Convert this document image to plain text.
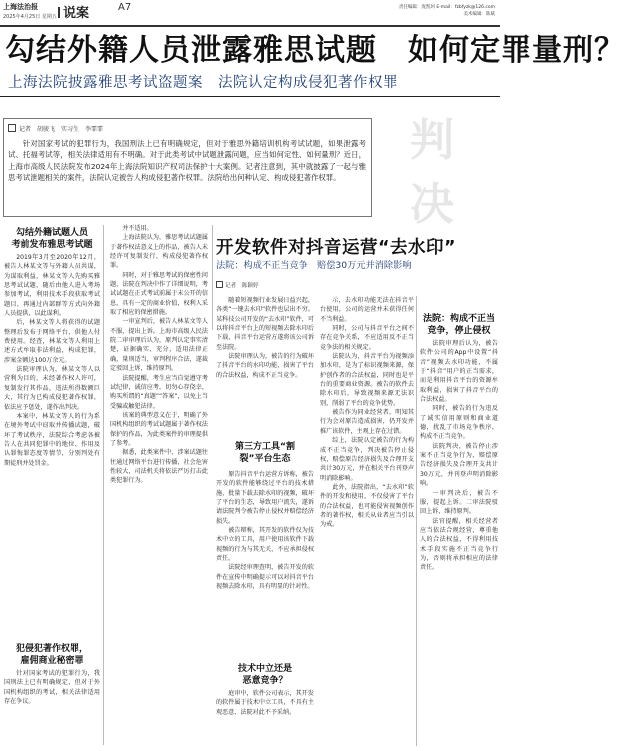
上海法治报
2025年4月25日 星期五 说案	A7	责任编辑：庞凯珂 E-mail：fzbfyzk@126.com
美术编辑：陈斌
勾结外籍人员泄露雅思试题　如何定罪量刑？
上海法院披露雅思考试盗题案　法院认定构成侵犯著作权罪
判决
记者　胡骏飞　实习生　李霏霏
针对国家考试的犯罪行为，我国刑法上已有明确规定，但对于雅思外籍培训机构考试试题，如果泄露考试、托福考试等，相关法律适用有不明确。对于此类考试中试题泄露问题，应当如何定性、如何量刑？近日，上海市高级人民法院发布2024年上海法院知识产权司法保护十大案例。记者注意到，其中就披露了一起与雅思考试泄题相关的案件，法院认定被告人构成侵犯著作权罪。法院给出何种认定、构成侵犯著作权罪。
勾结外籍试题人员
考前发布雅思考试题

2019年3月至2020年12月，被告人林某文等与外籍人员共谋，为谋取利益，林某文等人先购买雅思考试试题，随后由他人进入考场参加考试，利用技术手段获取考试题目，再通过内部群等方式向外籍人员提供，以此谋利。

后，林某文等人将获得的试题整理后发布于网络平台，供他人付费使用。经查，林某文等人利用上述方式牟取非法利益，构成犯罪，涉案金额达100万余元。

法院审理认为，林某文等人以营利为目的，未经著作权人许可，复制发行其作品，违法所得数额巨大，其行为已构成侵犯著作权罪，依法应予惩处，遂作出判决。

本案中，林某文等人的行为系在境外考试中窃取并传播试题，破坏了考试秩序，法院综合考虑各被告人在共同犯罪中的地位、作用及认罪悔罪态度等情节，分别判处有期徒刑并处罚金。

犯侵犯著作权罪，
雇佣商业秘密罪

针对国家考试的犯罪行为，我国刑法上已有明确规定，但对于外国机构组织的考试，相关法律适用存在争议。

并不适用。

上海法院认为，雅思考试试题属于著作权法意义上的作品，被告人未经许可复制发行，构成侵犯著作权罪。

同时，对于雅思考试的保密性问题，法院在判决中作了详细说明，考试试题在正式考试前属于未公开的信息，具有一定的商业价值，权利人采取了相应的保密措施。

一审宣判后，被告人林某文等人不服，提出上诉。上海市高级人民法院二审审理后认为，原判认定事实清楚，证据确实、充分，适用法律正确，量刑适当，审判程序合法，遂裁定驳回上诉，维持原判。

法院提醒，考生应当自觉遵守考试纪律，诚信应考，切勿心存侥幸，购买所谓的“真题”“答案”，以免上当受骗或触犯法律。

该案的典型意义在于，明确了外国机构组织的考试试题属于著作权法保护的作品，为此类案件的审理提供了参考。

据悉，此类案件中，涉案试题往往通过网络平台进行传播，社会危害性较大，司法机关将依法严厉打击此类犯罪行为。

开发软件对抖音运营“去水印”
法院：构成不正当竞争　赔偿30万元并消除影响
记者　陈颖婷

随着短视频行业发展日益兴起，各类“一键去水印”软件也层出不穷。某科技公司开发的“去水印”软件，可以将抖音平台上的短视频去除水印后下载，抖音平台运营方遂将该公司诉至法院。

法院审理认为，被告的行为破坏了抖音平台的水印功能，损害了平台的合法权益，构成不正当竞争。

第三方工具“割
裂”平台生态

原告抖音平台运营方诉称，被告开发的软件能够绕过平台的技术措施，批量下载去除水印的视频，破坏了平台的生态，导致用户流失，遂诉请法院判令被告停止侵权并赔偿经济损失。

被告辩称，其开发的软件仅为技术中立的工具，用户使用该软件下载视频的行为与其无关，不应承担侵权责任。

法院经审理查明，被告开发的软件在宣传中明确提示可以对抖音平台视频去除水印，具有明显的针对性。

技术中立还是
恶意竞争？

庭审中，软件公司表示，其开发的软件属于技术中立工具，不具有主观恶意，法院对此不予采纳。

示，去水印功能无法在抖音平台使用，公司的运营并未获得任何不当利益。

同时，公司与抖音平台之间不存在竞争关系，不应适用反不正当竞争法的相关规定。

法院认为，抖音平台为视频添加水印，是为了标识视频来源，保护创作者的合法权益，同时也是平台的重要商业资源。被告的软件去除水印后，导致视频来源无法识别，削弱了平台的竞争优势。

被告作为同业经营者，明知其行为会对原告造成损害，仍开发并推广该软件，主观上存在过错。

综上，法院认定被告的行为构成不正当竞争，判决被告停止侵权，赔偿原告经济损失及合理开支共计30万元，并在相关平台刊登声明消除影响。

此外，法院指出，“去水印”软件的开发和使用，不仅侵害了平台的合法权益，也可能侵害视频创作者的著作权，相关从业者应当引以为戒。

法院：构成不正当
竞争，停止侵权

法院审理后认为，被告软件公司的App中设置“抖音”视频去水印功能，不属于“抖音”用户的正当需求，而是利用抖音平台的资源牟取利益，损害了抖音平台的合法权益。

同时，被告的行为违反了诚实信用原则和商业道德，扰乱了市场竞争秩序，构成不正当竞争。

法院判决，被告停止涉案不正当竞争行为，赔偿原告经济损失及合理开支共计30万元，并刊登声明消除影响。

一审判决后，被告不服，提起上诉。二审法院驳回上诉，维持原判。

法官提醒，相关经营者应当依法合规经营，尊重他人的合法权益，不得利用技术手段实施不正当竞争行为，否则将承担相应的法律责任。
